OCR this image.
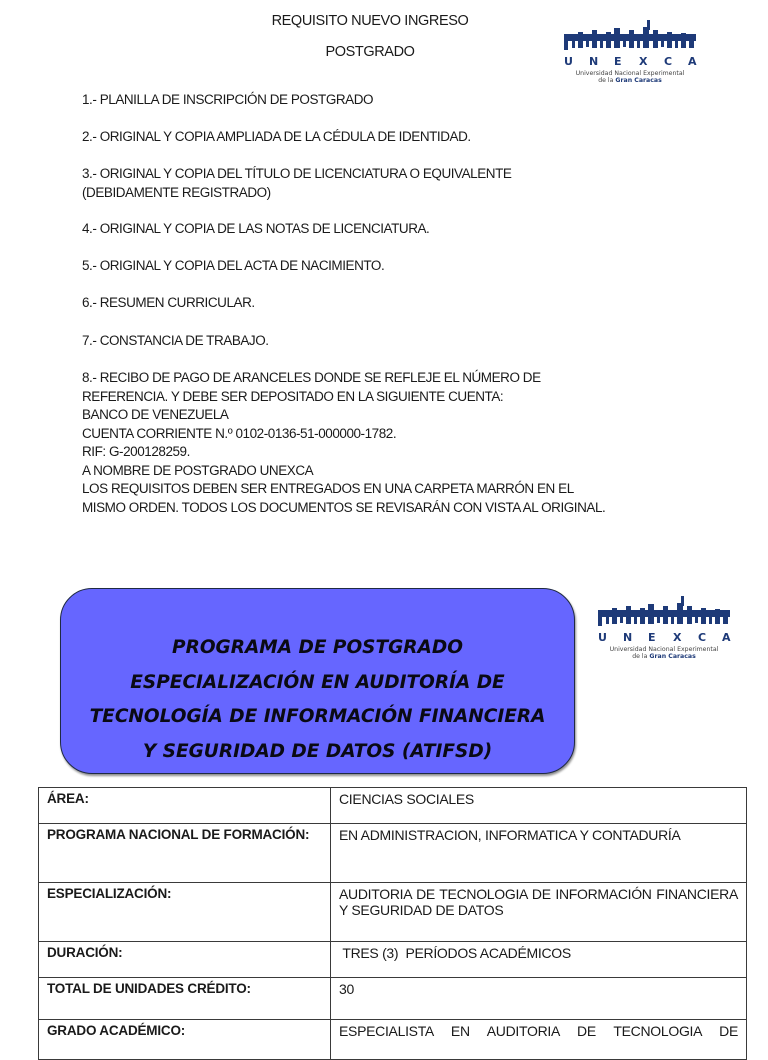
REQUISITO NUEVO INGRESO
POSTGRADO
U N E X C A
Universidad Nacional Experimental
de la Gran Caracas
1.- PLANILLA DE INSCRIPCIÓN DE POSTGRADO
2.- ORIGINAL Y COPIA AMPLIADA DE LA CÉDULA DE IDENTIDAD.
3.- ORIGINAL Y COPIA DEL TÍTULO DE LICENCIATURA O EQUIVALENTE
(DEBIDAMENTE REGISTRADO)
4.- ORIGINAL Y COPIA DE LAS NOTAS DE LICENCIATURA.
5.- ORIGINAL Y COPIA DEL ACTA DE NACIMIENTO.
6.- RESUMEN CURRICULAR.
7.- CONSTANCIA DE TRABAJO.
8.- RECIBO DE PAGO DE ARANCELES DONDE SE REFLEJE EL NÚMERO DE
REFERENCIA. Y DEBE SER DEPOSITADO EN LA SIGUIENTE CUENTA:
BANCO DE VENEZUELA
CUENTA CORRIENTE N.º 0102-0136-51-000000-1782.
RIF: G-200128259.
A NOMBRE DE POSTGRADO UNEXCA
LOS REQUISITOS DEBEN SER ENTREGADOS EN UNA CARPETA MARRÓN EN EL
MISMO ORDEN. TODOS LOS DOCUMENTOS SE REVISARÁN CON VISTA AL ORIGINAL.
PROGRAMA DE POSTGRADO
ESPECIALIZACIÓN EN AUDITORÍA DE
TECNOLOGÍA DE INFORMACIÓN FINANCIERA
Y SEGURIDAD DE DATOS (ATIFSD)
U N E X C A
Universidad Nacional Experimental
de la Gran Caracas
ÁREA:	CIENCIAS SOCIALES
PROGRAMA NACIONAL DE FORMACIÓN:	EN ADMINISTRACION, INFORMATICA Y CONTADURÍA
ESPECIALIZACIÓN:	AUDITORIA DE TECNOLOGIA DE INFORMACIÓN FINANCIERA Y SEGURIDAD DE DATOS
DURACIÓN:	TRES (3)  PERÍODOS ACADÉMICOS
TOTAL DE UNIDADES CRÉDITO:	30
GRADO ACADÉMICO:	ESPECIALISTA EN AUDITORIA DE TECNOLOGIA DE
